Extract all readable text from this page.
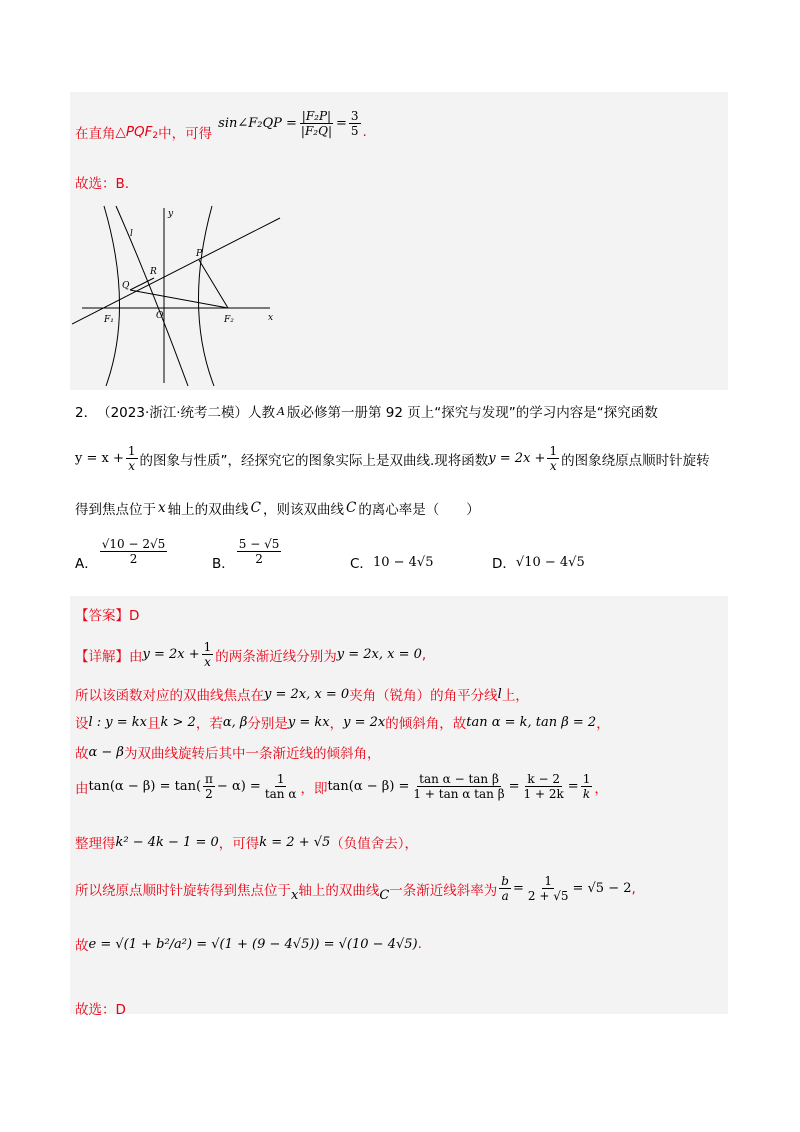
在直角 △PQF 2 中，可得
sin∠F₂QP = $\frac{\text{|F₂P|}}{\text{|F₂Q|}} = \frac{3}{5}$ .
故选：B.
y
l
P
R
Q
F₁	O	F₂	x
2． （2023·浙江·统考二模） 人教 A 版必修第一册第 92 页上“探究与发现”的学习内容是“探究函数
$y = x + \frac{1}{x}$ 的图象与性质”，经探究它的图象实际上是双曲线.现将函数 $y = 2x + \frac{1}{x}$ 的图象绕原点顺时针旋转
得到焦点位于 x 轴上的双曲线 C ，则该双曲线 C 的离心率是（　　）
A． $\frac{√10 - 2√5}{2}$	B． $\frac{5 - √5}{2}$	C． 10 − 4√5	D． √10 − 4√5
【答案】D
【详解】 由 $y = 2x + \frac{1}{x}$ 的两条渐近线分别为 y = 2x, x = 0 ,
所以该函数对应的双曲线焦点在 y = 2x, x = 0 夹角（锐角）的角平分线 l 上，
设 l : y = kx 且 k > 2 ，若 α, β 分别是 y = kx ， y = 2x 的倾斜角，故 tan α = k, tan β = 2 ，
故 α − β 为双曲线旋转后其中一条渐近线的倾斜角，
由 $\tan(\alpha - \beta) = \tan( \frac{\pi}{2} - \alpha) = \frac{1}{\text{tan α}}$ ，即 $\tan(\alpha - \beta) = \frac{\text{tan α − tan β}}{\text{1 + tan α tan β}} = \frac{k - 2}{1 + 2k} = \frac{1}{k}$ ，
整理得 k² − 4k − 1 = 0 ，可得 k = 2 + √5 （负值舍去），
所以绕原点顺时针旋转得到焦点位于 x 轴上的双曲线 C 一条渐近线斜率为 $\frac{b}{a} = \frac{1}{2 + √5} = √5 - 2$ ,
故 e = √(1 + b²/a²) = √(1 + (9 − 4√5)) = √(10 − 4√5) .
故选：D
